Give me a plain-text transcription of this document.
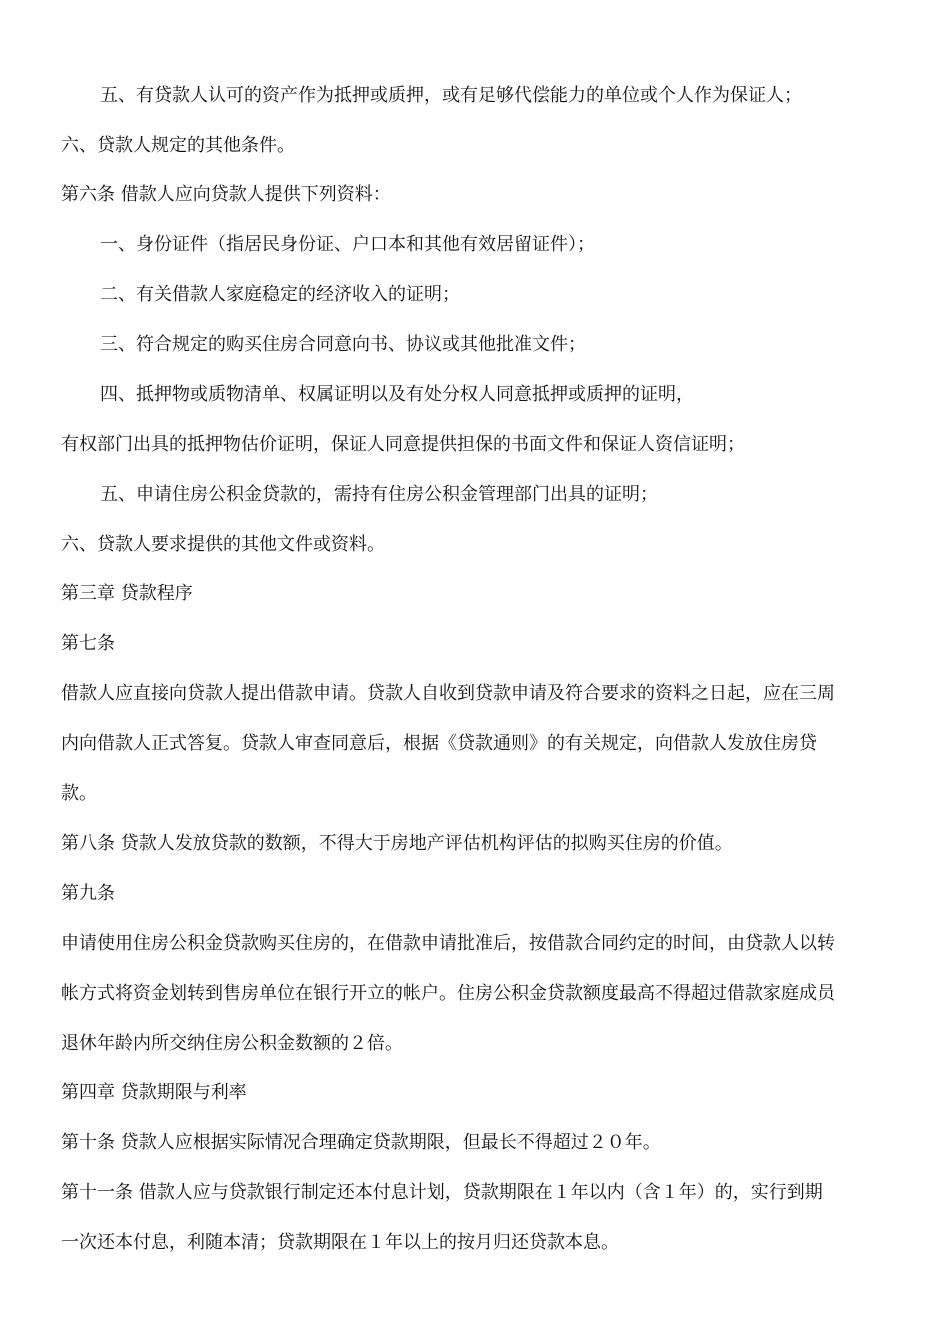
五、有贷款人认可的资产作为抵押或质押，或有足够代偿能力的单位或个人作为保证人；
六、贷款人规定的其他条件。
第六条 借款人应向贷款人提供下列资料：
一、身份证件（指居民身份证、户口本和其他有效居留证件）；
二、有关借款人家庭稳定的经济收入的证明；
三、符合规定的购买住房合同意向书、协议或其他批准文件；
四、抵押物或质物清单、权属证明以及有处分权人同意抵押或质押的证明，
有权部门出具的抵押物估价证明，保证人同意提供担保的书面文件和保证人资信证明；
五、申请住房公积金贷款的，需持有住房公积金管理部门出具的证明；
六、贷款人要求提供的其他文件或资料。
第三章 贷款程序
第七条
借款人应直接向贷款人提出借款申请。贷款人自收到贷款申请及符合要求的资料之日起，应在三周
内向借款人正式答复。贷款人审查同意后，根据《贷款通则》的有关规定，向借款人发放住房贷
款。
第八条 贷款人发放贷款的数额，不得大于房地产评估机构评估的拟购买住房的价值。
第九条
申请使用住房公积金贷款购买住房的，在借款申请批准后，按借款合同约定的时间，由贷款人以转
帐方式将资金划转到售房单位在银行开立的帐户。住房公积金贷款额度最高不得超过借款家庭成员
退休年龄内所交纳住房公积金数额的２倍。
第四章 贷款期限与利率
第十条 贷款人应根据实际情况合理确定贷款期限，但最长不得超过２０年。
第十一条 借款人应与贷款银行制定还本付息计划，贷款期限在１年以内（含１年）的，实行到期
一次还本付息，利随本清；贷款期限在１年以上的按月归还贷款本息。
